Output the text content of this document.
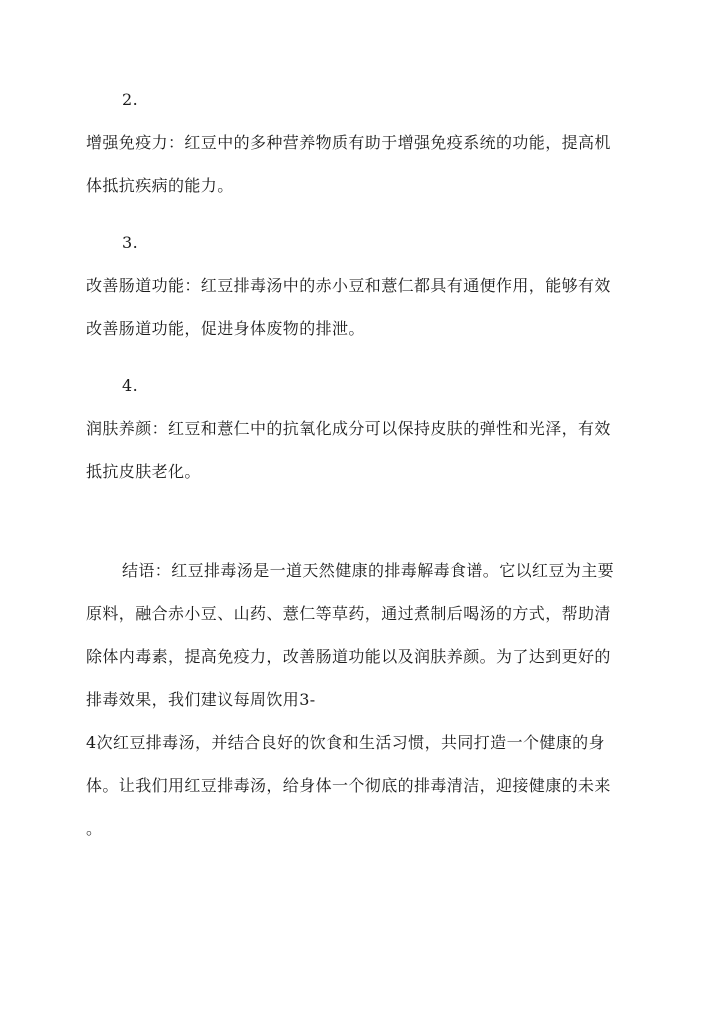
2.
增强免疫力：红豆中的多种营养物质有助于增强免疫系统的功能，提高机
体抵抗疾病的能力。
3.
改善肠道功能：红豆排毒汤中的赤小豆和薏仁都具有通便作用，能够有效
改善肠道功能，促进身体废物的排泄。
4.
润肤养颜：红豆和薏仁中的抗氧化成分可以保持皮肤的弹性和光泽，有效
抵抗皮肤老化。
结语：红豆排毒汤是一道天然健康的排毒解毒食谱。它以红豆为主要
原料，融合赤小豆、山药、薏仁等草药，通过煮制后喝汤的方式，帮助清
除体内毒素，提高免疫力，改善肠道功能以及润肤养颜。为了达到更好的
排毒效果，我们建议每周饮用3-
4次红豆排毒汤，并结合良好的饮食和生活习惯，共同打造一个健康的身
体。让我们用红豆排毒汤，给身体一个彻底的排毒清洁，迎接健康的未来
。
